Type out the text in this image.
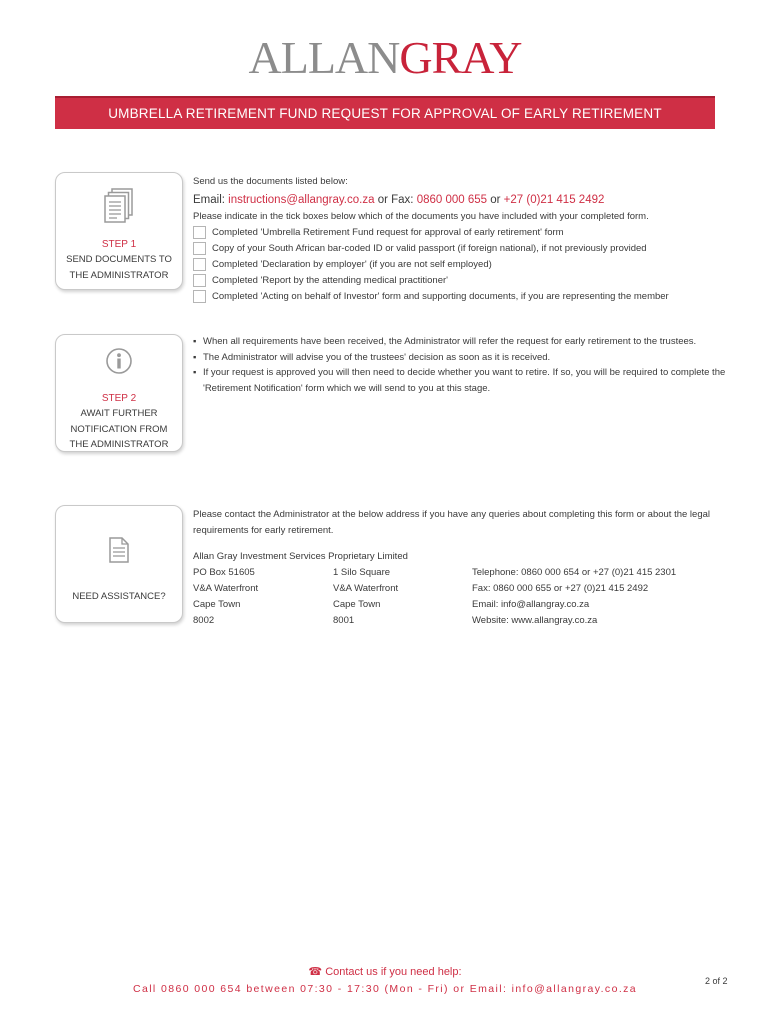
ALLANGRAY
UMBRELLA RETIREMENT FUND REQUEST FOR APPROVAL OF EARLY RETIREMENT
STEP 1
SEND DOCUMENTS TO
THE ADMINISTRATOR
STEP 2
AWAIT FURTHER
NOTIFICATION FROM
THE ADMINISTRATOR
NEED ASSISTANCE?
Send us the documents listed below:
Email: instructions@allangray.co.za or Fax: 0860 000 655 or +27 (0)21 415 2492
Please indicate in the tick boxes below which of the documents you have included with your completed form.
Completed 'Umbrella Retirement Fund request for approval of early retirement' form
Copy of your South African bar-coded ID or valid passport (if foreign national), if not previously provided
Completed 'Declaration by employer' (if you are not self employed)
Completed 'Report by the attending medical practitioner'
Completed 'Acting on behalf of Investor' form and supporting documents, if you are representing the member
▪ When all requirements have been received, the Administrator will refer the request for early retirement to the trustees.
▪ The Administrator will advise you of the trustees' decision as soon as it is received.
▪ If your request is approved you will then need to decide whether you want to retire. If so, you will be required to complete the 'Retirement Notification' form which we will send to you at this stage.
Please contact the Administrator at the below address if you have any queries about completing this form or about the legal requirements for early retirement.
Allan Gray Investment Services Proprietary Limited
PO Box 51605
V&A Waterfront
Cape Town
8002
1 Silo Square
V&A Waterfront
Cape Town
8001
Telephone: 0860 000 654 or +27 (0)21 415 2301
Fax: 0860 000 655 or +27 (0)21 415 2492
Email: info@allangray.co.za
Website: www.allangray.co.za
☎ Contact us if you need help:
Call 0860 000 654 between 07:30 - 17:30 (Mon - Fri) or Email: info@allangray.co.za
2 of 2
